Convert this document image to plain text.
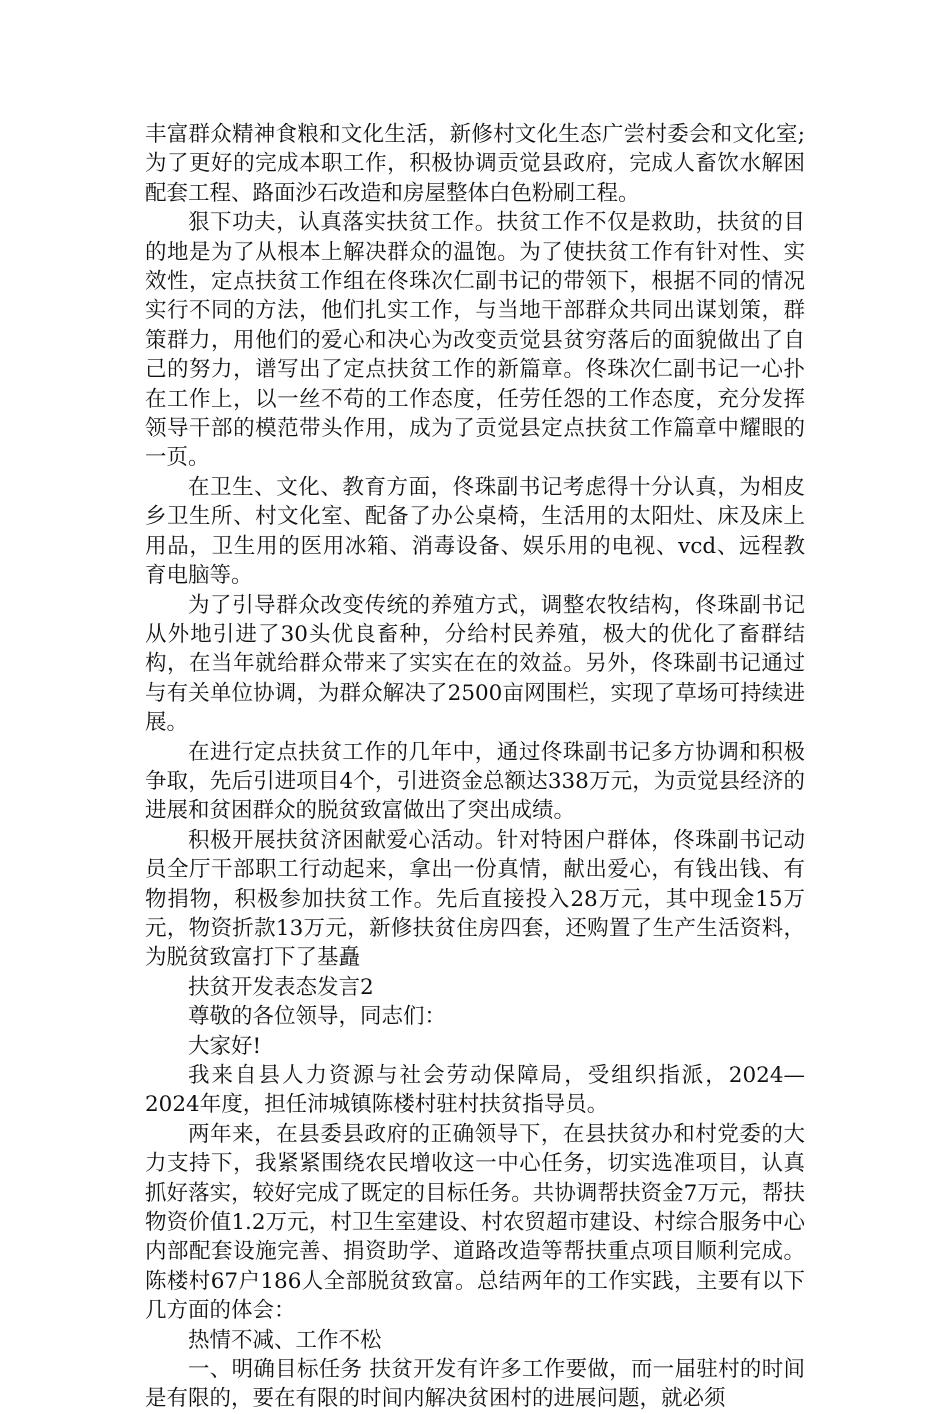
丰富群众精神食粮和文化生活，新修村文化生态广尝村委会和文化室;为了更好的完成本职工作，积极协调贡觉县政府，完成人畜饮水解困配套工程、路面沙石改造和房屋整体白色粉刷工程。

狠下功夫，认真落实扶贫工作。扶贫工作不仅是救助，扶贫的目的地是为了从根本上解决群众的温饱。为了使扶贫工作有针对性、实效性，定点扶贫工作组在佟珠次仁副书记的带领下，根据不同的情况实行不同的方法，他们扎实工作，与当地干部群众共同出谋划策，群策群力，用他们的爱心和决心为改变贡觉县贫穷落后的面貌做出了自己的努力，谱写出了定点扶贫工作的新篇章。佟珠次仁副书记一心扑在工作上，以一丝不苟的工作态度，任劳任怨的工作态度，充分发挥领导干部的模范带头作用，成为了贡觉县定点扶贫工作篇章中耀眼的一页。

在卫生、文化、教育方面，佟珠副书记考虑得十分认真，为相皮乡卫生所、村文化室、配备了办公桌椅，生活用的太阳灶、床及床上用品，卫生用的医用冰箱、消毒设备、娱乐用的电视、vcd、远程教育电脑等。

为了引导群众改变传统的养殖方式，调整农牧结构，佟珠副书记从外地引进了30头优良畜种，分给村民养殖，极大的优化了畜群结构，在当年就给群众带来了实实在在的效益。另外，佟珠副书记通过与有关单位协调，为群众解决了2500亩网围栏，实现了草场可持续进展。

在进行定点扶贫工作的几年中，通过佟珠副书记多方协调和积极争取，先后引进项目4个，引进资金总额达338万元，为贡觉县经济的进展和贫困群众的脱贫致富做出了突出成绩。

积极开展扶贫济困献爱心活动。针对特困户群体，佟珠副书记动员全厅干部职工行动起来，拿出一份真情，献出爱心，有钱出钱、有物捐物，积极参加扶贫工作。先后直接投入28万元，其中现金15万元，物资折款13万元，新修扶贫住房四套，还购置了生产生活资料，为脱贫致富打下了基矗

扶贫开发表态发言2

尊敬的各位领导，同志们：

大家好!

我来自县人力资源与社会劳动保障局，受组织指派，2024—2024年度，担任沛城镇陈楼村驻村扶贫指导员。

两年来，在县委县政府的正确领导下，在县扶贫办和村党委的大力支持下，我紧紧围绕农民增收这一中心任务，切实选准项目，认真抓好落实，较好完成了既定的目标任务。共协调帮扶资金7万元，帮扶物资价值1.2万元，村卫生室建设、村农贸超市建设、村综合服务中心内部配套设施完善、捐资助学、道路改造等帮扶重点项目顺利完成。陈楼村67户186人全部脱贫致富。总结两年的工作实践，主要有以下几方面的体会：

热情不减、工作不松

一、明确目标任务 扶贫开发有许多工作要做，而一届驻村的时间是有限的，要在有限的时间内解决贫困村的进展问题，就必须
